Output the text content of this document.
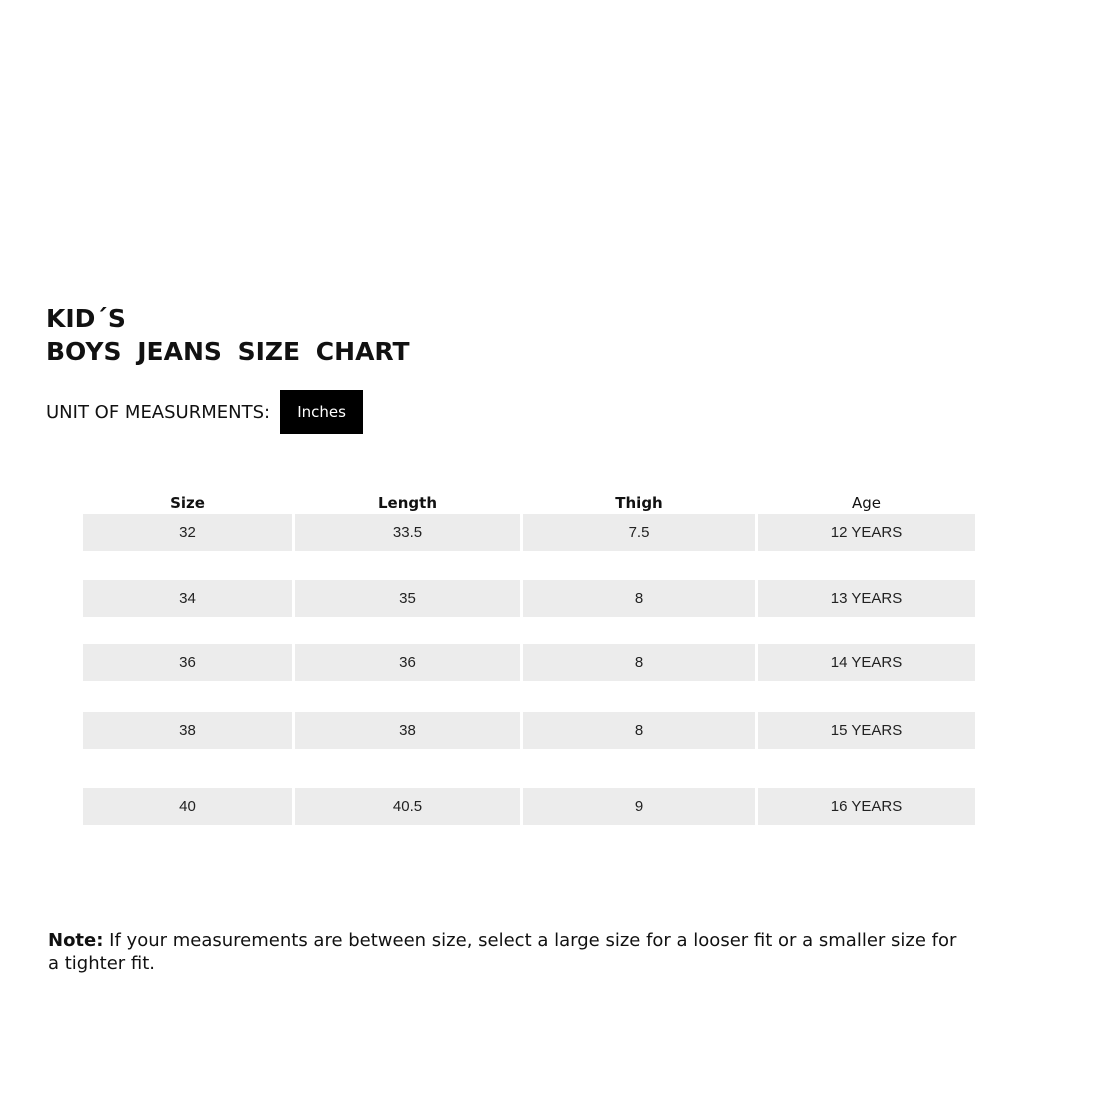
KID´S
BOYS JEANS SIZE CHART
UNIT OF MEASURMENTS:	Inches
Size	Length	Thigh	Age
32	33.5	7.5	12 YEARS
34	35	8	13 YEARS
36	36	8	14 YEARS
38	38	8	15 YEARS
40	40.5	9	16 YEARS

Note: If your measurements are between size, select a large size for a looser fit or a smaller size for a tighter fit.
